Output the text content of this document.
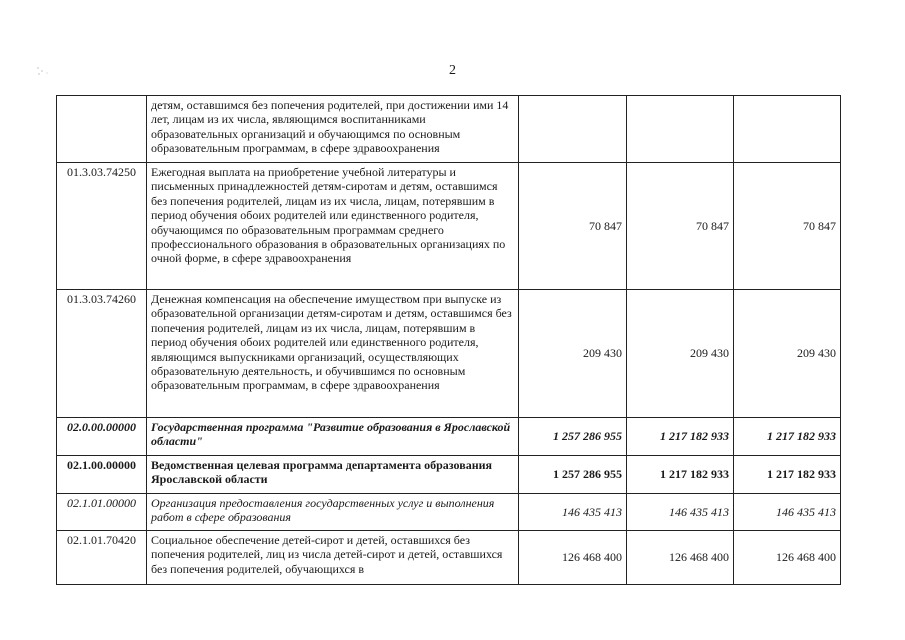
2
	детям, оставшимся без попечения родителей, при достижении ими 14 лет, лицам из их числа, являющимся воспитанниками образовательных организаций и обучающимся по основным образовательным программам, в сфере здравоохранения			
01.3.03.74250	Ежегодная выплата на приобретение учебной литературы и письменных принадлежностей детям-сиротам и детям, оставшимся без попечения родителей, лицам из их числа, лицам, потерявшим в период обучения обоих родителей или единственного родителя, обучающимся по образовательным программам среднего профессионального образования в образовательных организациях по очной форме, в сфере здравоохранения	70 847	70 847	70 847
01.3.03.74260	Денежная компенсация на обеспечение имуществом при выпуске из образовательной организации детям-сиротам и детям, оставшимся без попечения родителей, лицам из их числа, лицам, потерявшим в период обучения обоих родителей или единственного родителя, являющимся выпускниками организаций, осуществляющих образовательную деятельность, и обучившимся по основным образовательным программам, в сфере здравоохранения	209 430	209 430	209 430
02.0.00.00000	Государственная программа "Развитие образования в Ярославской области"	1 257 286 955	1 217 182 933	1 217 182 933
02.1.00.00000	Ведомственная целевая программа департамента образования Ярославской области	1 257 286 955	1 217 182 933	1 217 182 933
02.1.01.00000	Организация предоставления государственных услуг и выполнения работ в сфере образования	146 435 413	146 435 413	146 435 413
02.1.01.70420	Социальное обеспечение детей-сирот и детей, оставшихся без попечения родителей, лиц из числа детей-сирот и детей, оставшихся без попечения родителей, обучающихся в	126 468 400	126 468 400	126 468 400
